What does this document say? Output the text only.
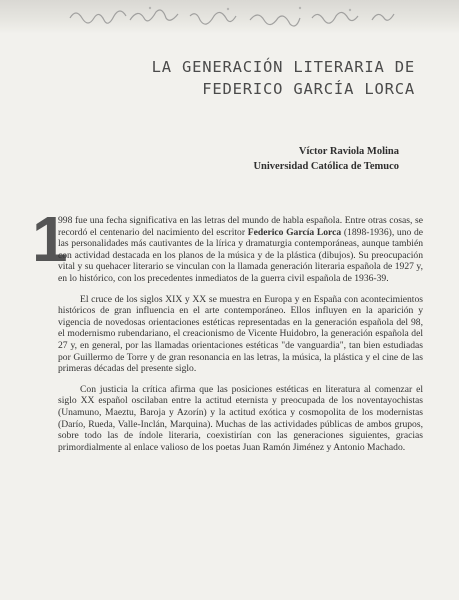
LA GENERACIÓN LITERARIA DE
FEDERICO GARCÍA LORCA
Víctor Raviola Molina
Universidad Católica de Temuco
1

998 fue una fecha significativa en las letras del mundo de habla española. Entre otras cosas, se recordó el centenario del nacimiento del escritor Federico García Lorca (1898-1936), uno de las personalidades más cautivantes de la lírica y dramaturgia contemporáneas, aunque también con actividad destacada en los planos de la música y de la plástica (dibujos). Su preocupación vital y su quehacer literario se vinculan con la llamada generación literaria española de 1927 y, en lo histórico, con los precedentes inmediatos de la guerra civil española de 1936-39.

El cruce de los siglos XIX y XX se muestra en Europa y en España con acontecimientos históricos de gran influencia en el arte contemporáneo. Ellos influyen en la aparición y vigencia de novedosas orientaciones estéticas representadas en la generación española del 98, el modernismo rubendariano, el creacionismo de Vicente Huidobro, la generación española del 27 y, en general, por las llamadas orientaciones estéticas "de vanguardia", tan bien estudiadas por Guillermo de Torre y de gran resonancia en las letras, la música, la plástica y el cine de las primeras décadas del presente siglo.

Con justicia la crítica afirma que las posiciones estéticas en literatura al comenzar el siglo XX español oscilaban entre la actitud eternista y preocupada de los noventayochistas (Unamuno, Maeztu, Baroja y Azorín) y la actitud exótica y cosmopolita de los modernistas (Darío, Rueda, Valle-Inclán, Marquina). Muchas de las actividades públicas de ambos grupos, sobre todo las de índole literaria, coexistirían con las generaciones siguientes, gracias primordialmente al enlace valioso de los poetas Juan Ramón Jiménez y Antonio Machado.
